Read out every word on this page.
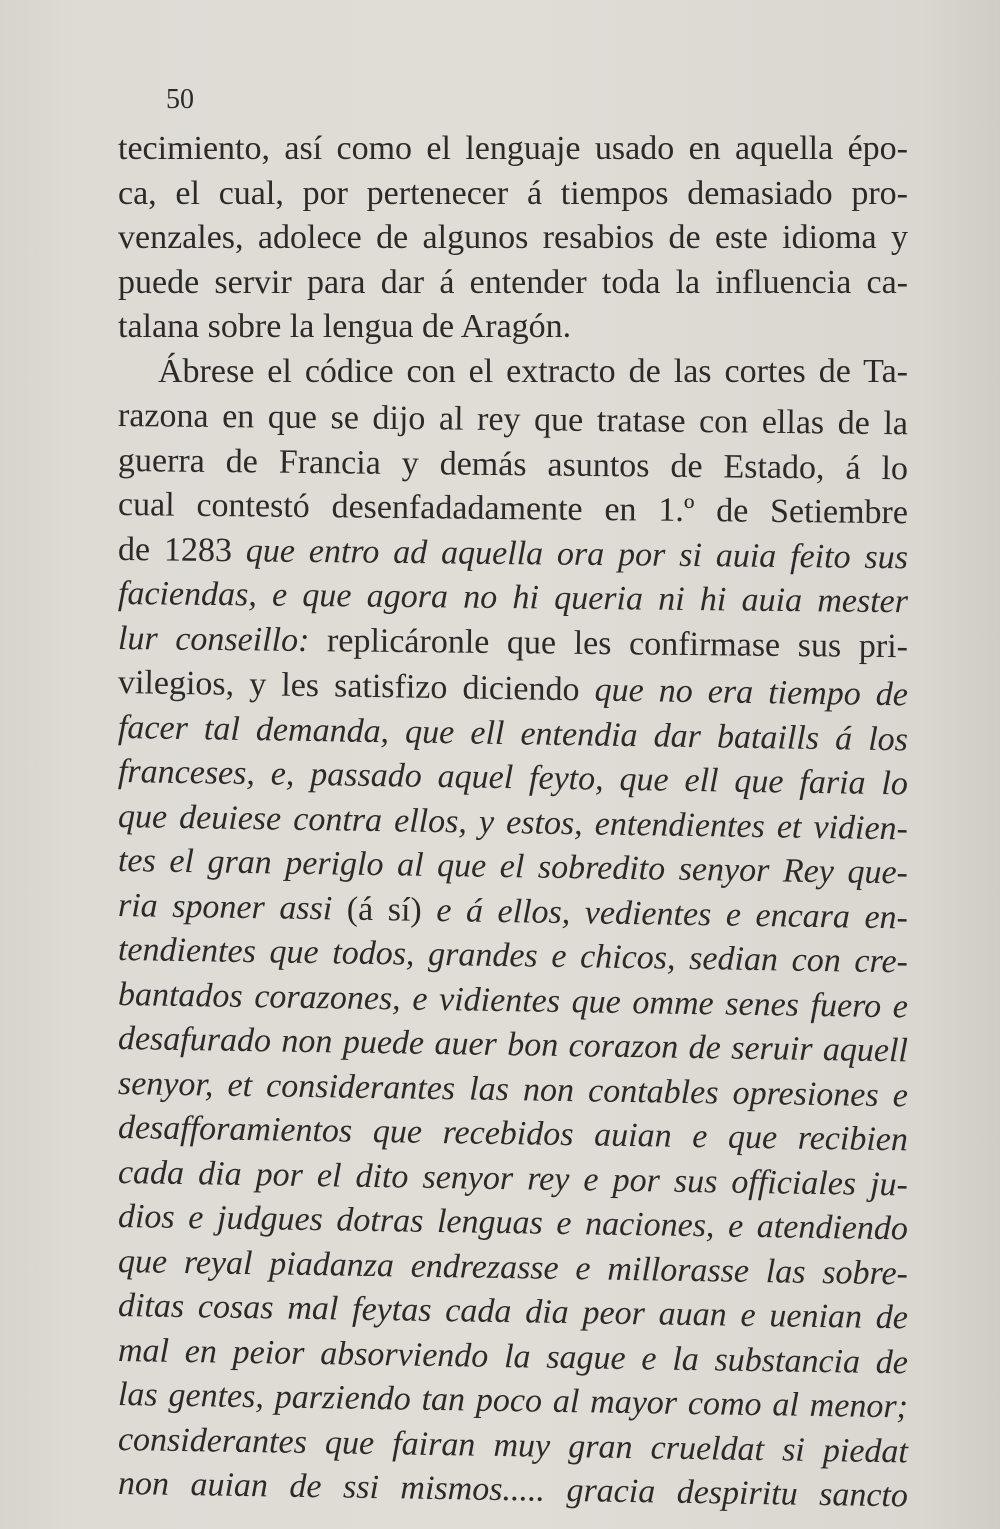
50
tecimiento, así como el lenguaje usado en aquella épo-
ca, el cual, por pertenecer á tiempos demasiado pro-
venzales, adolece de algunos resabios de este idioma y
puede servir para dar á entender toda la influencia ca-
talana sobre la lengua de Aragón.
Ábrese el códice con el extracto de las cortes de Ta-
razona en que se dijo al rey que tratase con ellas de la
guerra de Francia y demás asuntos de Estado, á lo
cual contestó desenfadadamente en 1.º de Setiembre
de 1283 que entro ad aquella ora por si auia feito sus
faciendas, e que agora no hi queria ni hi auia mester
lur conseillo: replicáronle que les confirmase sus pri-
vilegios, y les satisfizo diciendo que no era tiempo de
facer tal demanda, que ell entendia dar bataills á los
franceses, e, passado aquel feyto, que ell que faria lo
que deuiese contra ellos, y estos, entendientes et vidien-
tes el gran periglo al que el sobredito senyor Rey que-
ria sponer assi (á sí) e á ellos, vedientes e encara en-
tendientes que todos, grandes e chicos, sedian con cre-
bantados corazones, e vidientes que omme senes fuero e
desafurado non puede auer bon corazon de seruir aquell
senyor, et considerantes las non contables opresiones e
desafforamientos que recebidos auian e que recibien
cada dia por el dito senyor rey e por sus officiales ju-
dios e judgues dotras lenguas e naciones, e atendiendo
que reyal piadanza endrezasse e millorasse las sobre-
ditas cosas mal feytas cada dia peor auan e uenian de
mal en peior absorviendo la sague e la substancia de
las gentes, parziendo tan poco al mayor como al menor;
considerantes que fairan muy gran crueldat si piedat
non auian de ssi mismos..... gracia despiritu sancto
